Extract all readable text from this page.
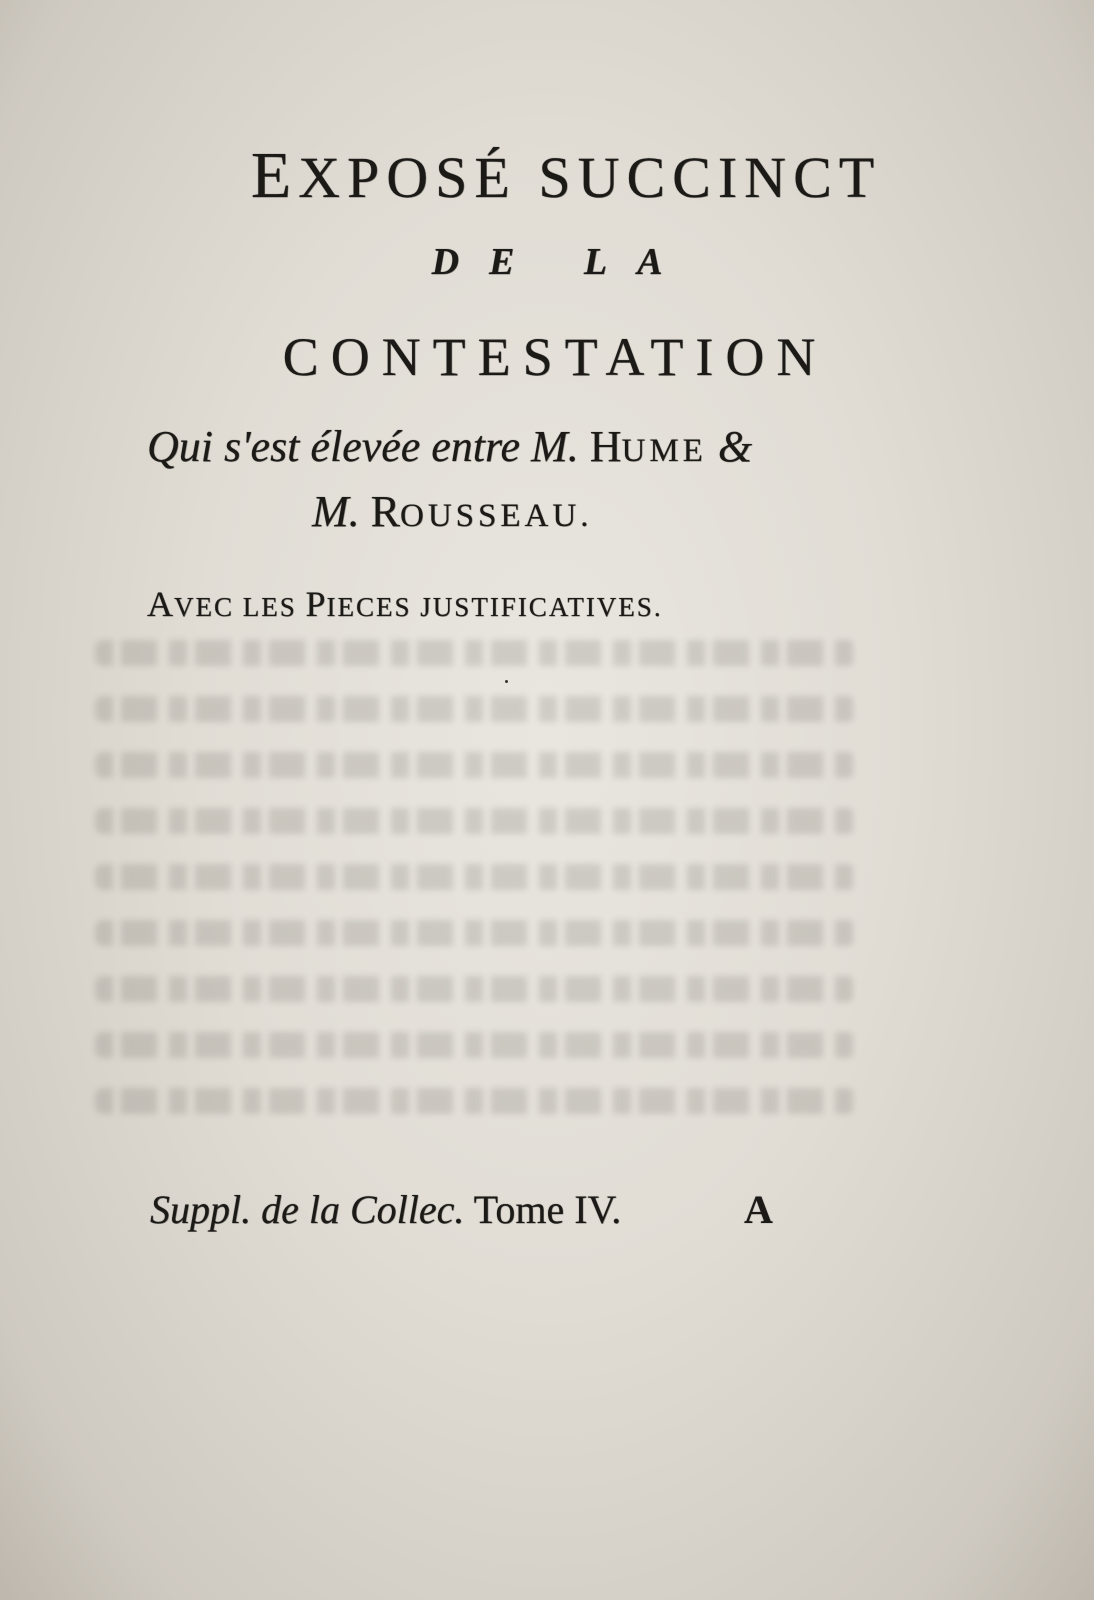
EXPOSÉ SUCCINCT
DE LA
CONTESTATION
Qui s'est élevée entre M. HUME &
M. ROUSSEAU.
AVEC LES PIECES JUSTIFICATIVES.
Suppl. de la Collec. Tome IV.	A
